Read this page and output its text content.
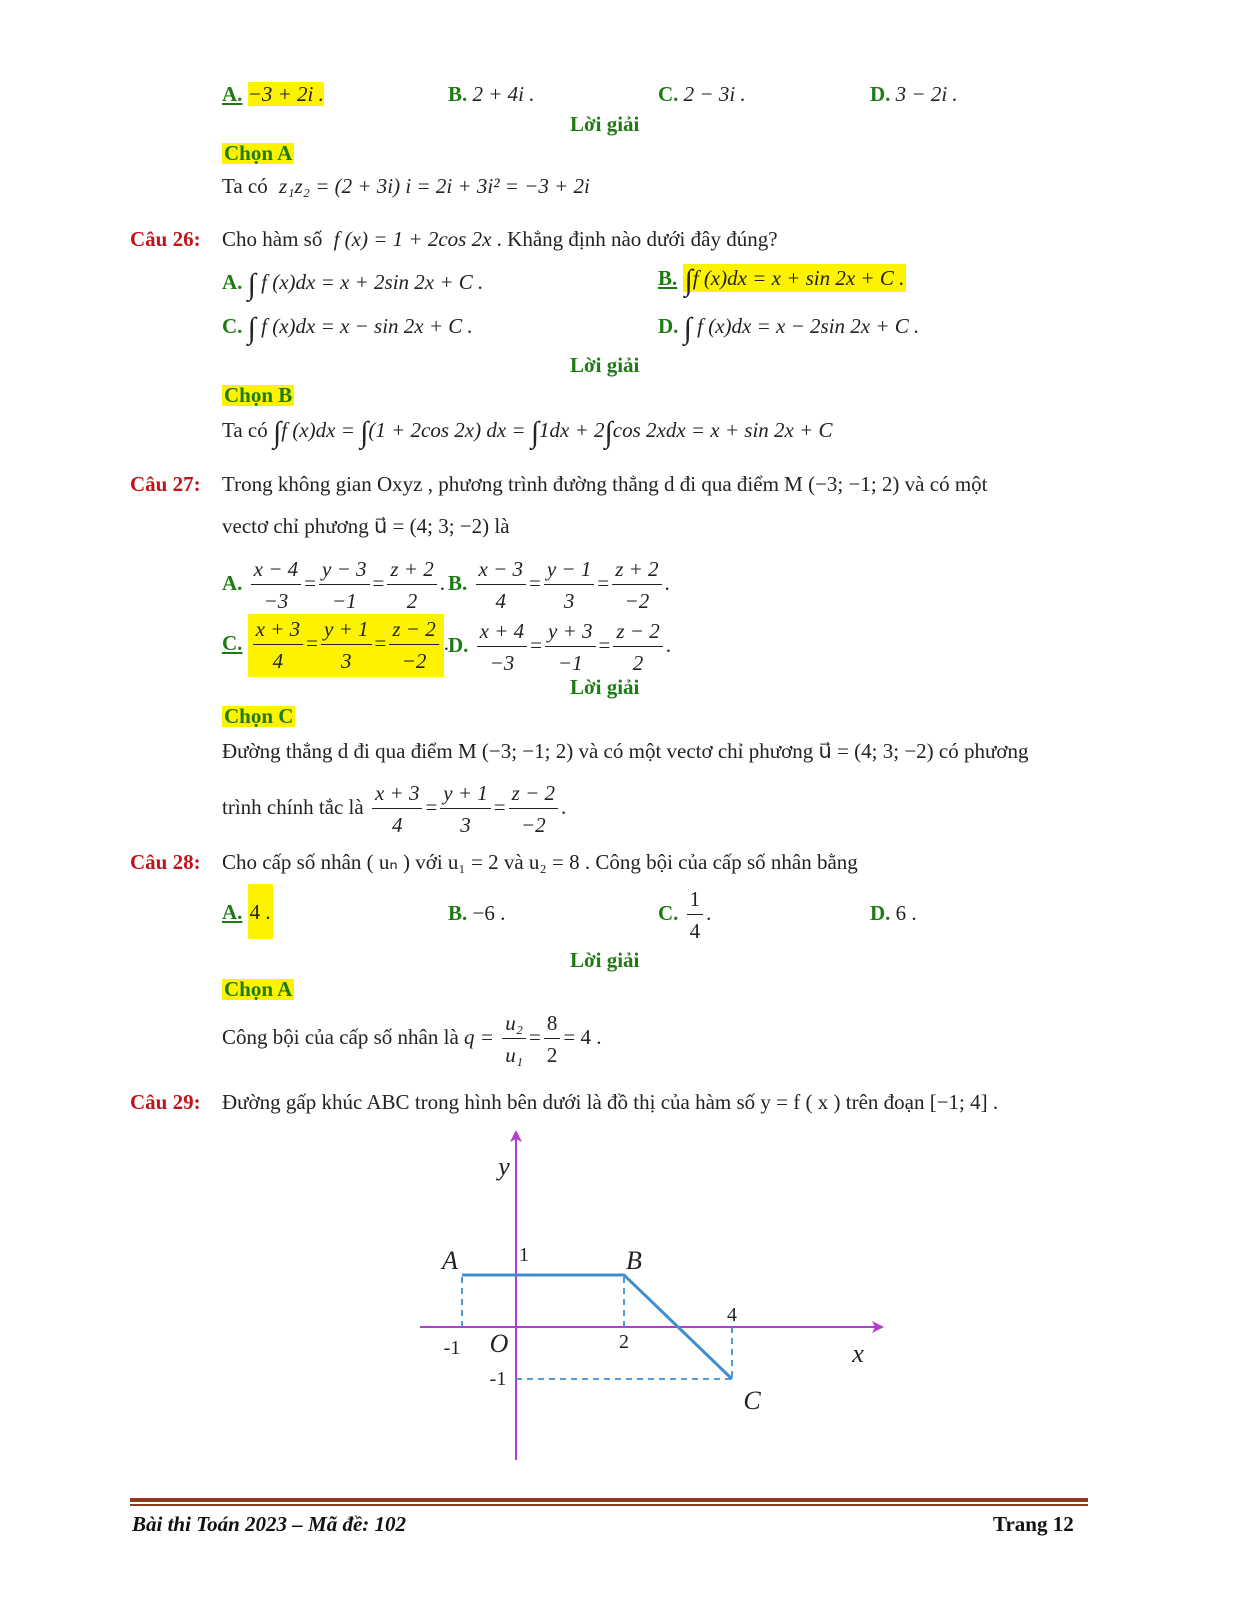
A. −3 + 2i .	B. 2 + 4i .	C. 2 − 3i .	D. 3 − 2i .
Lời giải
Chọn A
Ta có z₁z₂ = (2 + 3i) i = 2i + 3i² = −3 + 2i
Câu 26: Cho hàm số f (x) = 1 + 2cos 2x . Khẳng định nào dưới đây đúng?
A. ∫ f (x)dx = x + 2sin 2x + C .	B. ∫f (x)dx = x + sin 2x + C .
C. ∫ f (x)dx = x − sin 2x + C .	D. ∫ f (x)dx = x − 2sin 2x + C .
Lời giải
Chọn B
Ta có ∫f (x)dx = ∫(1 + 2cos 2x) dx = ∫1dx + 2∫cos 2xdx = x + sin 2x + C
Câu 27: Trong không gian Oxyz , phương trình đường thẳng d đi qua điểm M (−3; −1; 2) và có một
vectơ chỉ phương u⃗ = (4; 3; −2) là
A. $\frac{x - 4}{-3} = \frac{y - 3}{-1} = \frac{z + 2}{2}$ . B. $\frac{x - 3}{4} = \frac{y - 1}{3} = \frac{z + 2}{-2}$ .
C. $\frac{x + 3}{4} = \frac{y + 1}{3} = \frac{z - 2}{-2}$ . D. $\frac{x + 4}{-3} = \frac{y + 3}{-1} = \frac{z - 2}{2}$ .
Lời giải
Chọn C
Đường thẳng d đi qua điểm M (−3; −1; 2) và có một vectơ chỉ phương u⃗ = (4; 3; −2) có phương
trình chính tắc là $\frac{x + 3}{4} = \frac{y + 1}{3} = \frac{z - 2}{-2}$ .
Câu 28: Cho cấp số nhân ( uₙ ) với u₁ = 2 và u₂ = 8 . Công bội của cấp số nhân bằng
A. 4 .	B. −6 .	C. $\frac{1}{4}$ .	D. 6 .
Lời giải
Chọn A
Công bội của cấp số nhân là $q = \frac{\text{u₂}}{\text{u₁}} = \frac{8}{2} = 4$ .
Câu 29: Đường gấp khúc ABC trong hình bên dưới là đồ thị của hàm số y = f ( x ) trên đoạn [−1; 4] .
A	B
C
y
x
O
-1	2
4
1
-1
Bài thi Toán 2023 – Mã đề: 102	Trang 12
